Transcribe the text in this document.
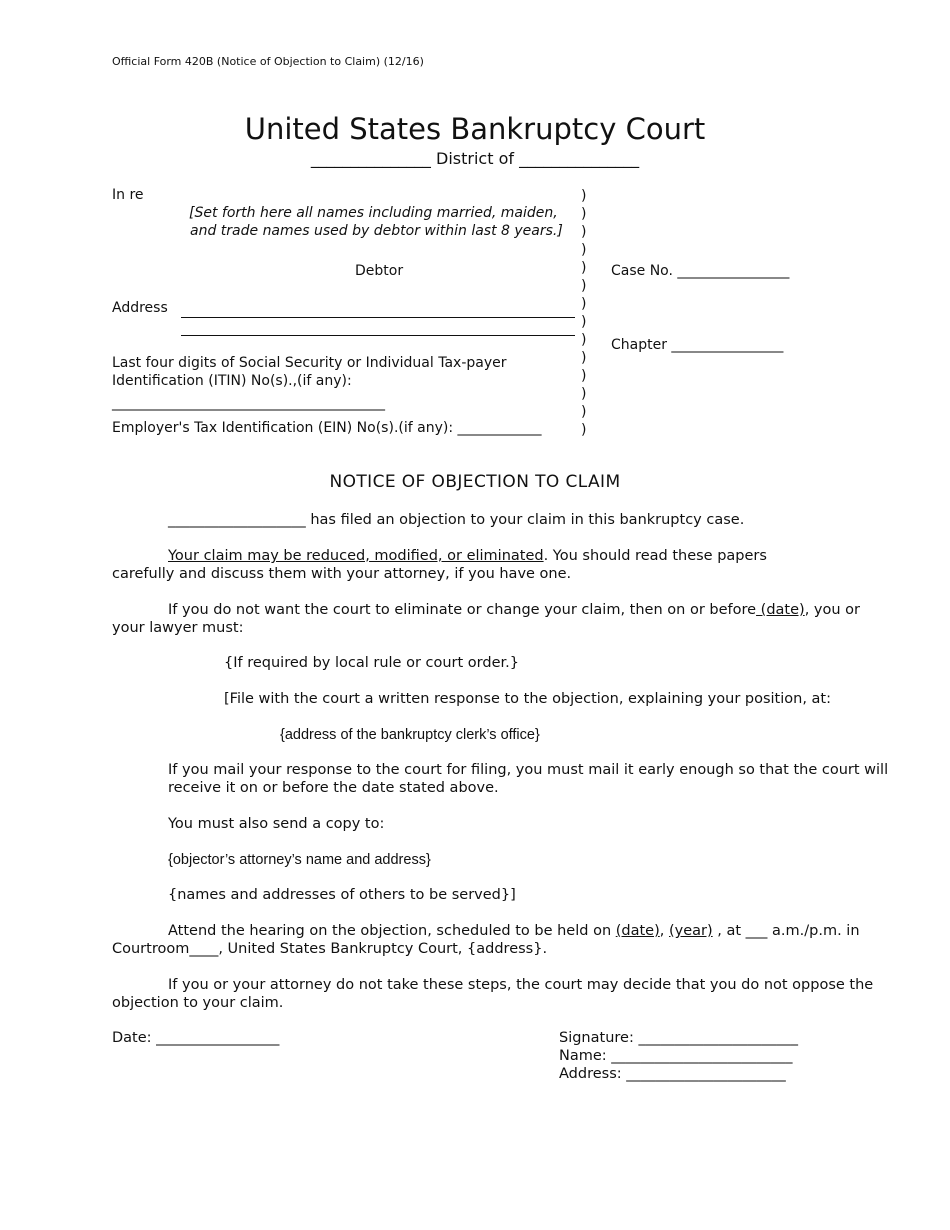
Official Form 420B (Notice of Objection to Claim) (12/16)
United States Bankruptcy Court
_______________ District of _______________
In re
[Set forth here all names including married, maiden,
and trade names used by debtor within last 8 years.]
Debtor
Address
Last four digits of Social Security or Individual Tax-payer
Identification (ITIN) No(s).,(if any):
_______________________________________
Employer's Tax Identification (EIN) No(s).(if any): ____________
)
)
)
)
)
)
)
)
)
)
)
)
)
)
Case No. ________________
Chapter ________________
NOTICE OF OBJECTION TO CLAIM
___________________ has filed an objection to your claim in this bankruptcy case.
Your claim may be reduced, modified, or eliminated. You should read these papers
carefully and discuss them with your attorney, if you have one.
If you do not want the court to eliminate or change your claim, then on or before (date), you or
your lawyer must:
{If required by local rule or court order.}
[File with the court a written response to the objection, explaining your position, at:
{address of the bankruptcy clerk’s office}
If you mail your response to the court for filing, you must mail it early enough so that the court will
receive it on or before the date stated above.
You must also send a copy to:
{objector’s attorney’s name and address}
{names and addresses of others to be served}]
Attend the hearing on the objection, scheduled to be held on (date), (year) , at ___ a.m./p.m. in
Courtroom____, United States Bankruptcy Court, {address}.
If you or your attorney do not take these steps, the court may decide that you do not oppose the
objection to your claim.
Date: _________________	Signature: ______________________
Name: _________________________
Address: ______________________
